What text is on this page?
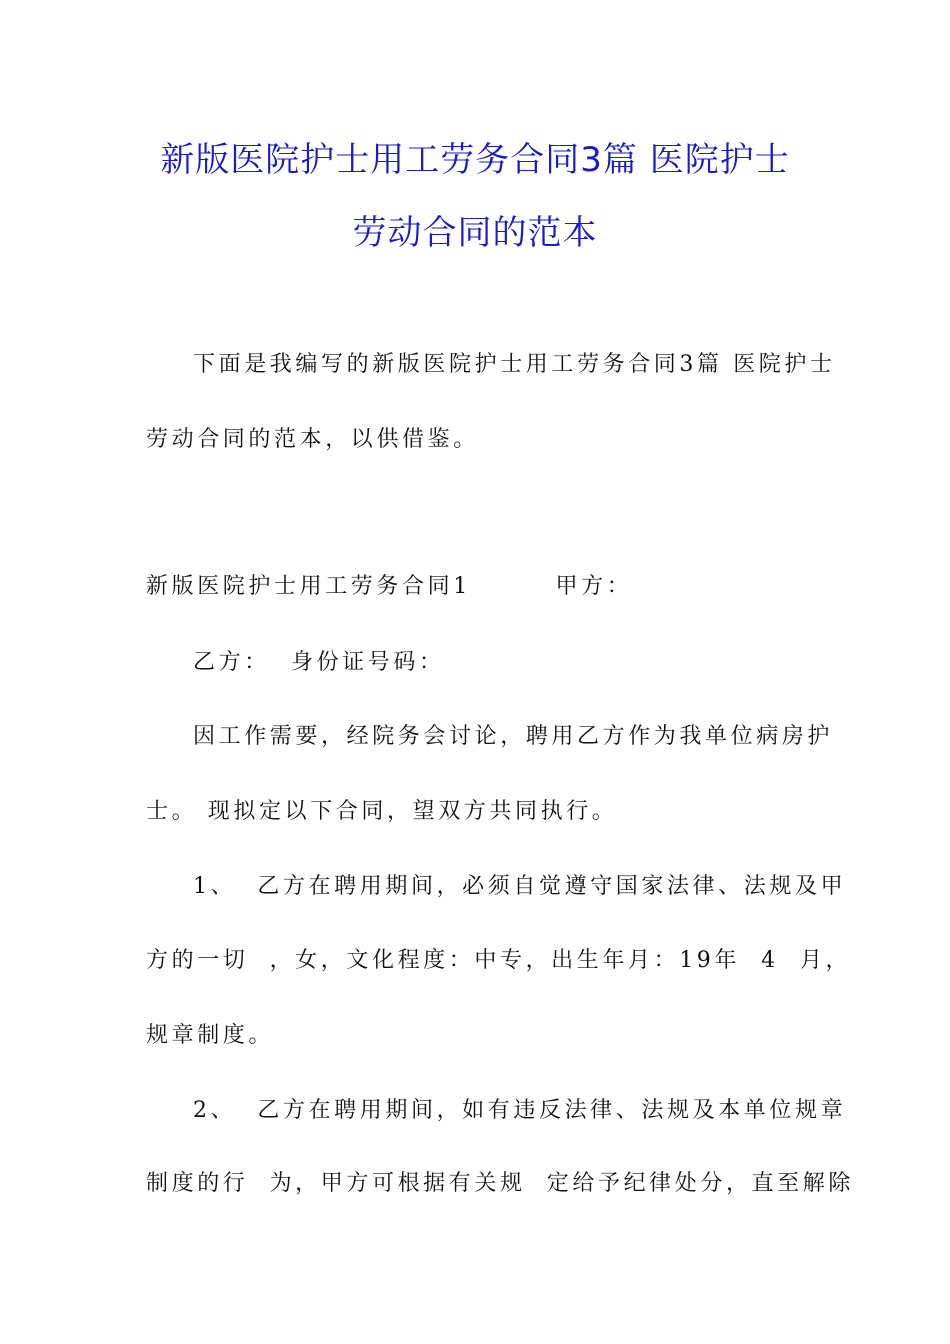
新版医院护士用工劳务合同3篇 医院护士
劳动合同的范本
下面是我编写的新版医院护士用工劳务合同3篇 医院护士
劳动合同的范本，以供借鉴。
新版医院护士用工劳务合同1        甲方：
乙方：  身份证号码：
因工作需要，经院务会讨论，聘用乙方作为我单位病房护
士。 现拟定以下合同，望双方共同执行。
1、  乙方在聘用期间，必须自觉遵守国家法律、法规及甲
方的一切  ，女，文化程度：中专，出生年月：19年  4  月，
规章制度。
2、  乙方在聘用期间，如有违反法律、法规及本单位规章
制度的行  为，甲方可根据有关规  定给予纪律处分，直至解除
